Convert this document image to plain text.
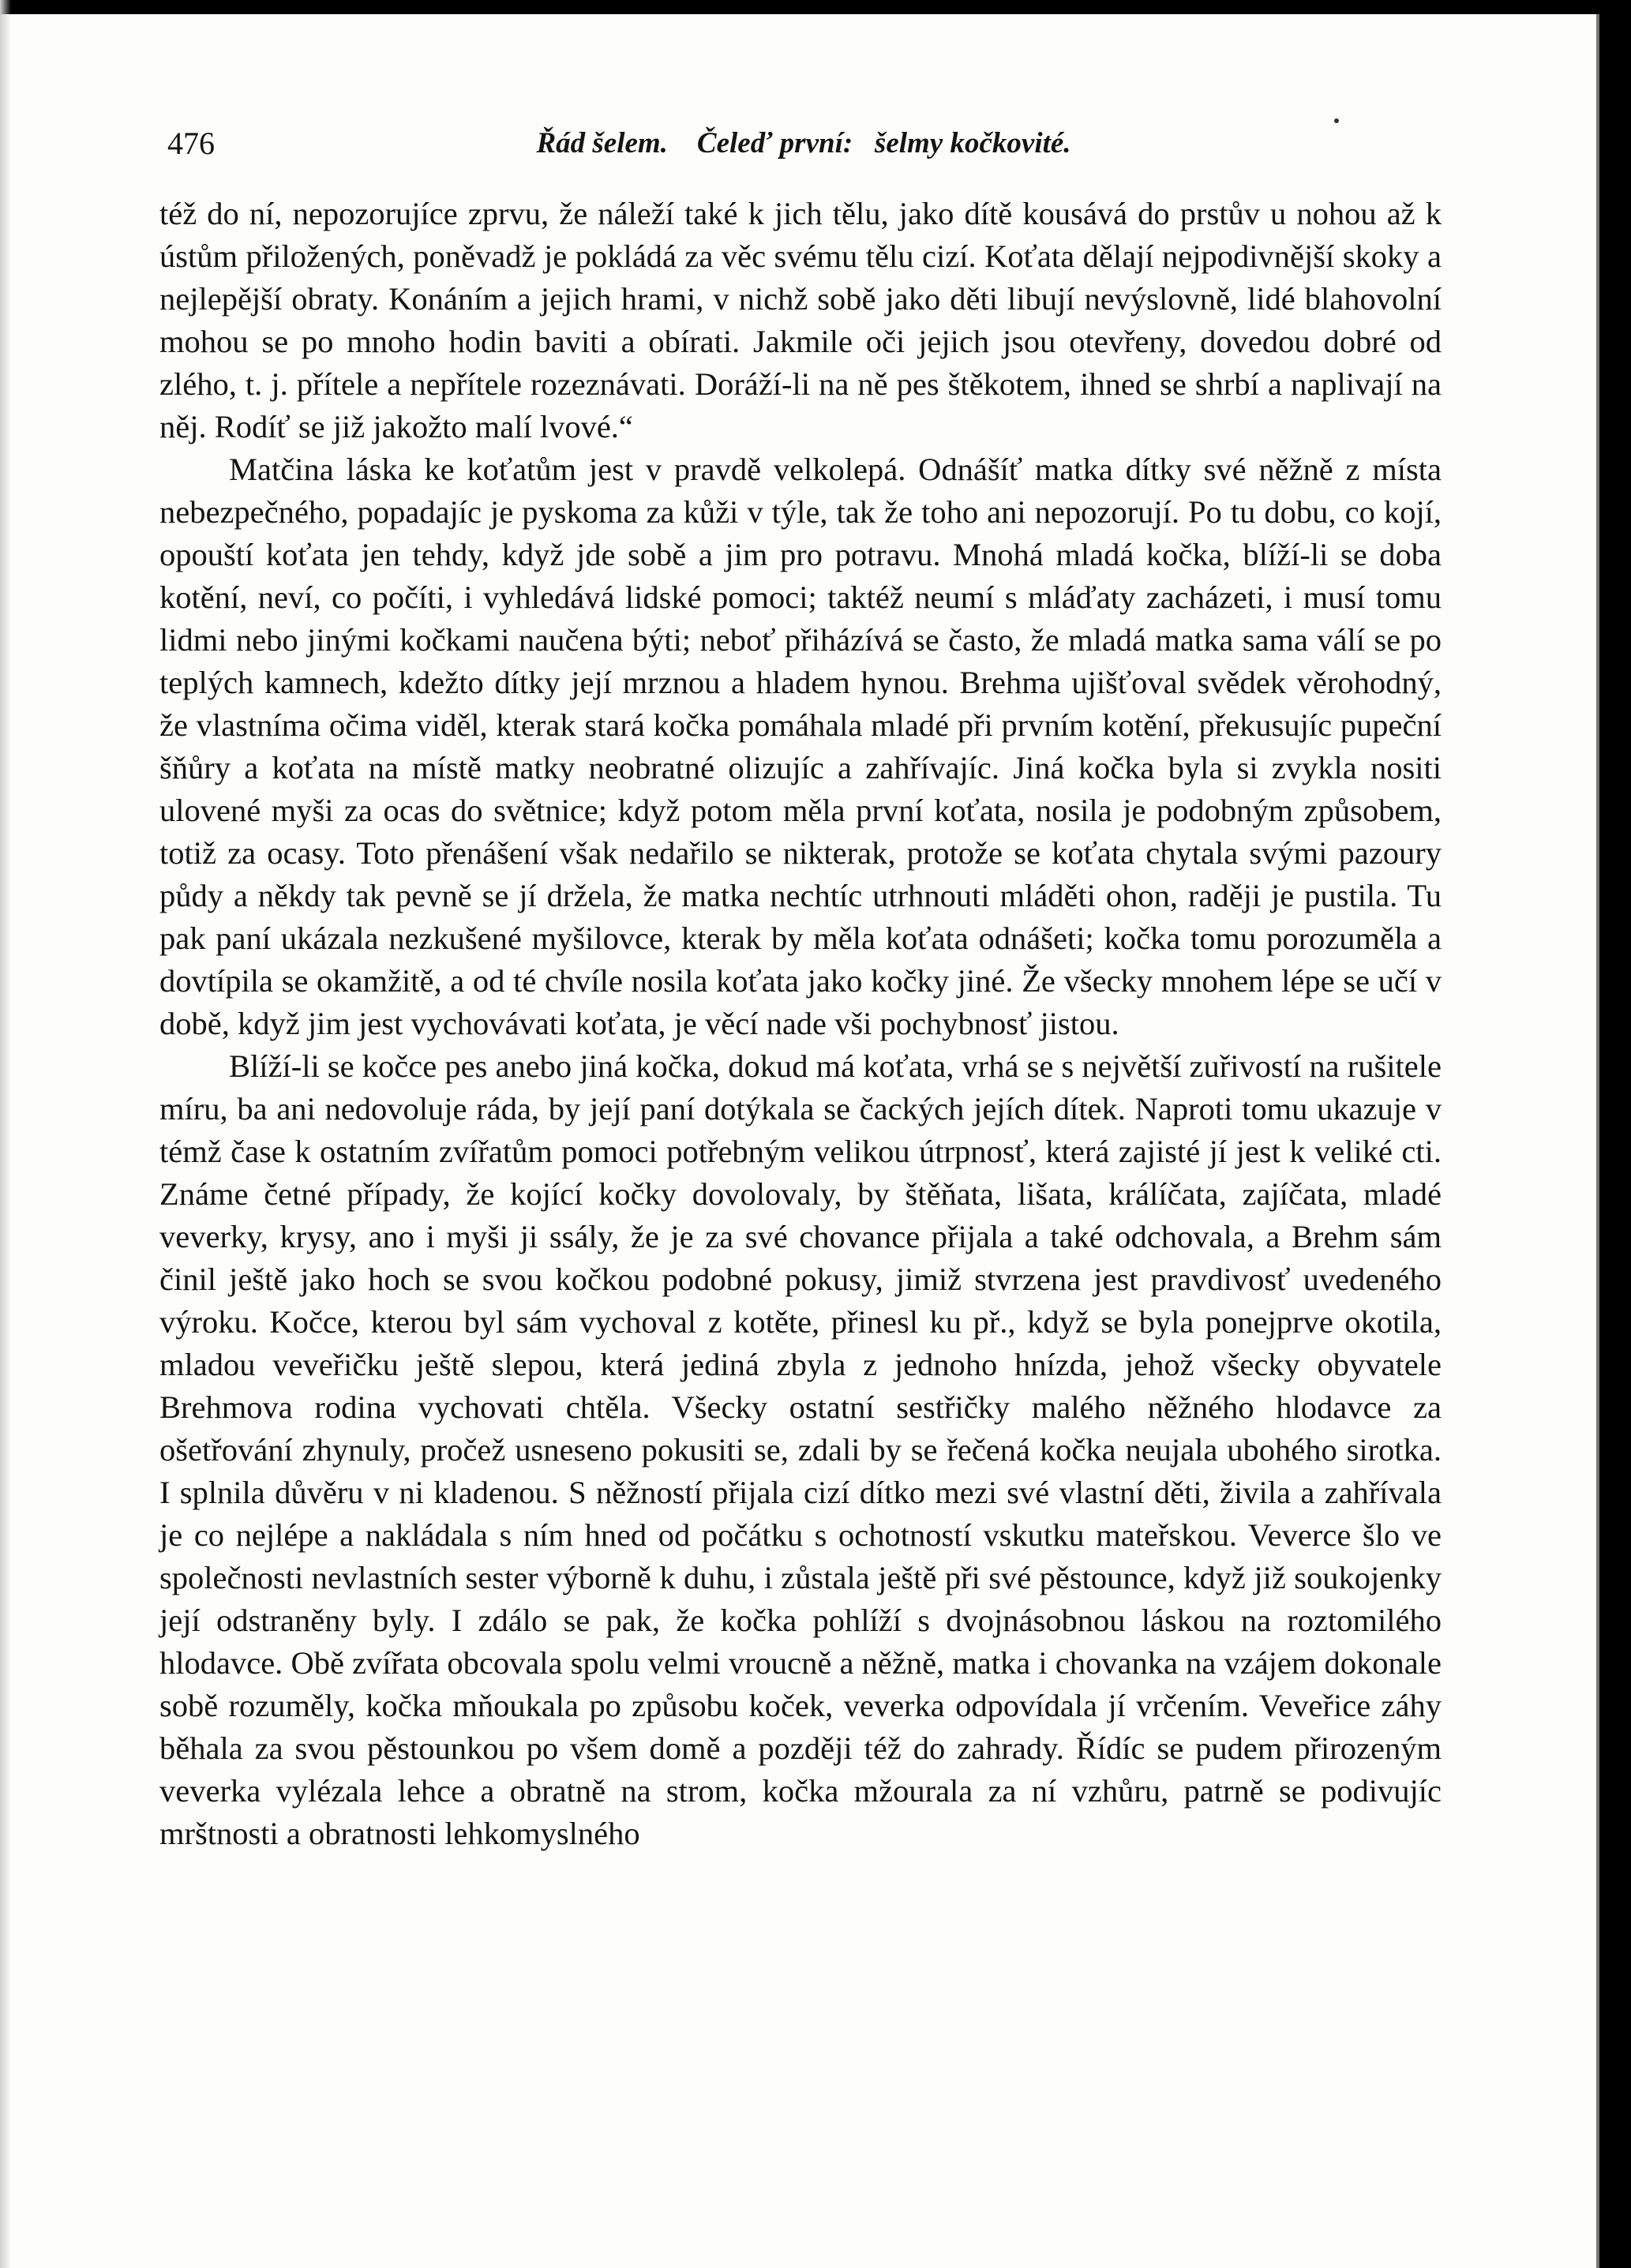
476	Řád šelem. Čeleď první: šelmy kočkovité.

též do ní, nepozorujíce zprvu, že náleží také k jich tělu, jako dítě kousává do prstův u nohou až k ústům přiložených, poněvadž je pokládá za věc svému tělu cizí. Koťata dělají nejpodivnější skoky a nejlepější obraty. Konáním a jejich hrami, v nichž sobě jako děti libují nevýslovně, lidé blahovolní mohou se po mnoho hodin baviti a obírati. Jakmile oči jejich jsou otevřeny, dovedou dobré od zlého, t. j. přítele a nepřítele rozeznávati. Doráží-li na ně pes štěkotem, ihned se shrbí a naplivají na něj. Rodíť se již jakožto malí lvové.“

Matčina láska ke koťatům jest v pravdě velkolepá. Odnášíť matka dítky své něžně z místa nebezpečného, popadajíc je pyskoma za kůži v týle, tak že toho ani nepozorují. Po tu dobu, co kojí, opouští koťata jen tehdy, když jde sobě a jim pro potravu. Mnohá mladá kočka, blíží-li se doba kotění, neví, co počíti, i vyhledává lidské pomoci; taktéž neumí s mláďaty zacházeti, i musí tomu lidmi nebo jinými kočkami naučena býti; neboť přiházívá se často, že mladá matka sama válí se po teplých kamnech, kdežto dítky její mrznou a hladem hynou. Brehma ujišťoval svědek věrohodný, že vlastníma očima viděl, kterak stará kočka pomáhala mladé při prvním kotění, překusujíc pupeční šňůry a koťata na místě matky neobratné olizujíc a zahřívajíc. Jiná kočka byla si zvykla nositi ulovené myši za ocas do světnice; když potom měla první koťata, nosila je podobným způsobem, totiž za ocasy. Toto přenášení však nedařilo se nikterak, protože se koťata chytala svými pazoury půdy a někdy tak pevně se jí držela, že matka nechtíc utrhnouti mláděti ohon, raději je pustila. Tu pak paní ukázala nezkušené myšilovce, kterak by měla koťata odnášeti; kočka tomu porozuměla a dovtípila se okamžitě, a od té chvíle nosila koťata jako kočky jiné. Že všecky mnohem lépe se učí v době, když jim jest vychovávati koťata, je věcí nade vši pochybnosť jistou.

Blíží-li se kočce pes anebo jiná kočka, dokud má koťata, vrhá se s největší zuřivostí na rušitele míru, ba ani nedovoluje ráda, by její paní dotýkala se čackých jejích dítek. Naproti tomu ukazuje v témž čase k ostatním zvířatům pomoci potřebným velikou útrpnosť, která zajisté jí jest k veliké cti. Známe četné případy, že kojící kočky dovolovaly, by štěňata, lišata, králíčata, zajíčata, mladé veverky, krysy, ano i myši ji ssály, že je za své chovance přijala a také odchovala, a Brehm sám činil ještě jako hoch se svou kočkou podobné pokusy, jimiž stvrzena jest pravdivosť uvedeného výroku. Kočce, kterou byl sám vychoval z kotěte, přinesl ku př., když se byla ponejprve okotila, mladou veveřičku ještě slepou, která jediná zbyla z jednoho hnízda, jehož všecky obyvatele Brehmova rodina vychovati chtěla. Všecky ostatní sestřičky malého něžného hlodavce za ošetřování zhynuly, pročež usneseno pokusiti se, zdali by se řečená kočka neujala ubohého sirotka. I splnila důvěru v ni kladenou. S něžností přijala cizí dítko mezi své vlastní děti, živila a zahřívala je co nejlépe a nakládala s ním hned od počátku s ochotností vskutku mateřskou. Veverce šlo ve společnosti nevlastních sester výborně k duhu, i zůstala ještě při své pěstounce, když již soukojenky její odstraněny byly. I zdálo se pak, že kočka pohlíží s dvojnásobnou láskou na roztomilého hlodavce. Obě zvířata obcovala spolu velmi vroucně a něžně, matka i chovanka na vzájem dokonale sobě rozuměly, kočka mňoukala po způsobu koček, veverka odpovídala jí vrčením. Veveřice záhy běhala za svou pěstounkou po všem domě a později též do zahrady. Řídíc se pudem přirozeným veverka vylézala lehce a obratně na strom, kočka mžourala za ní vzhůru, patrně se podivujíc mrštnosti a obratnosti lehkomyslného
